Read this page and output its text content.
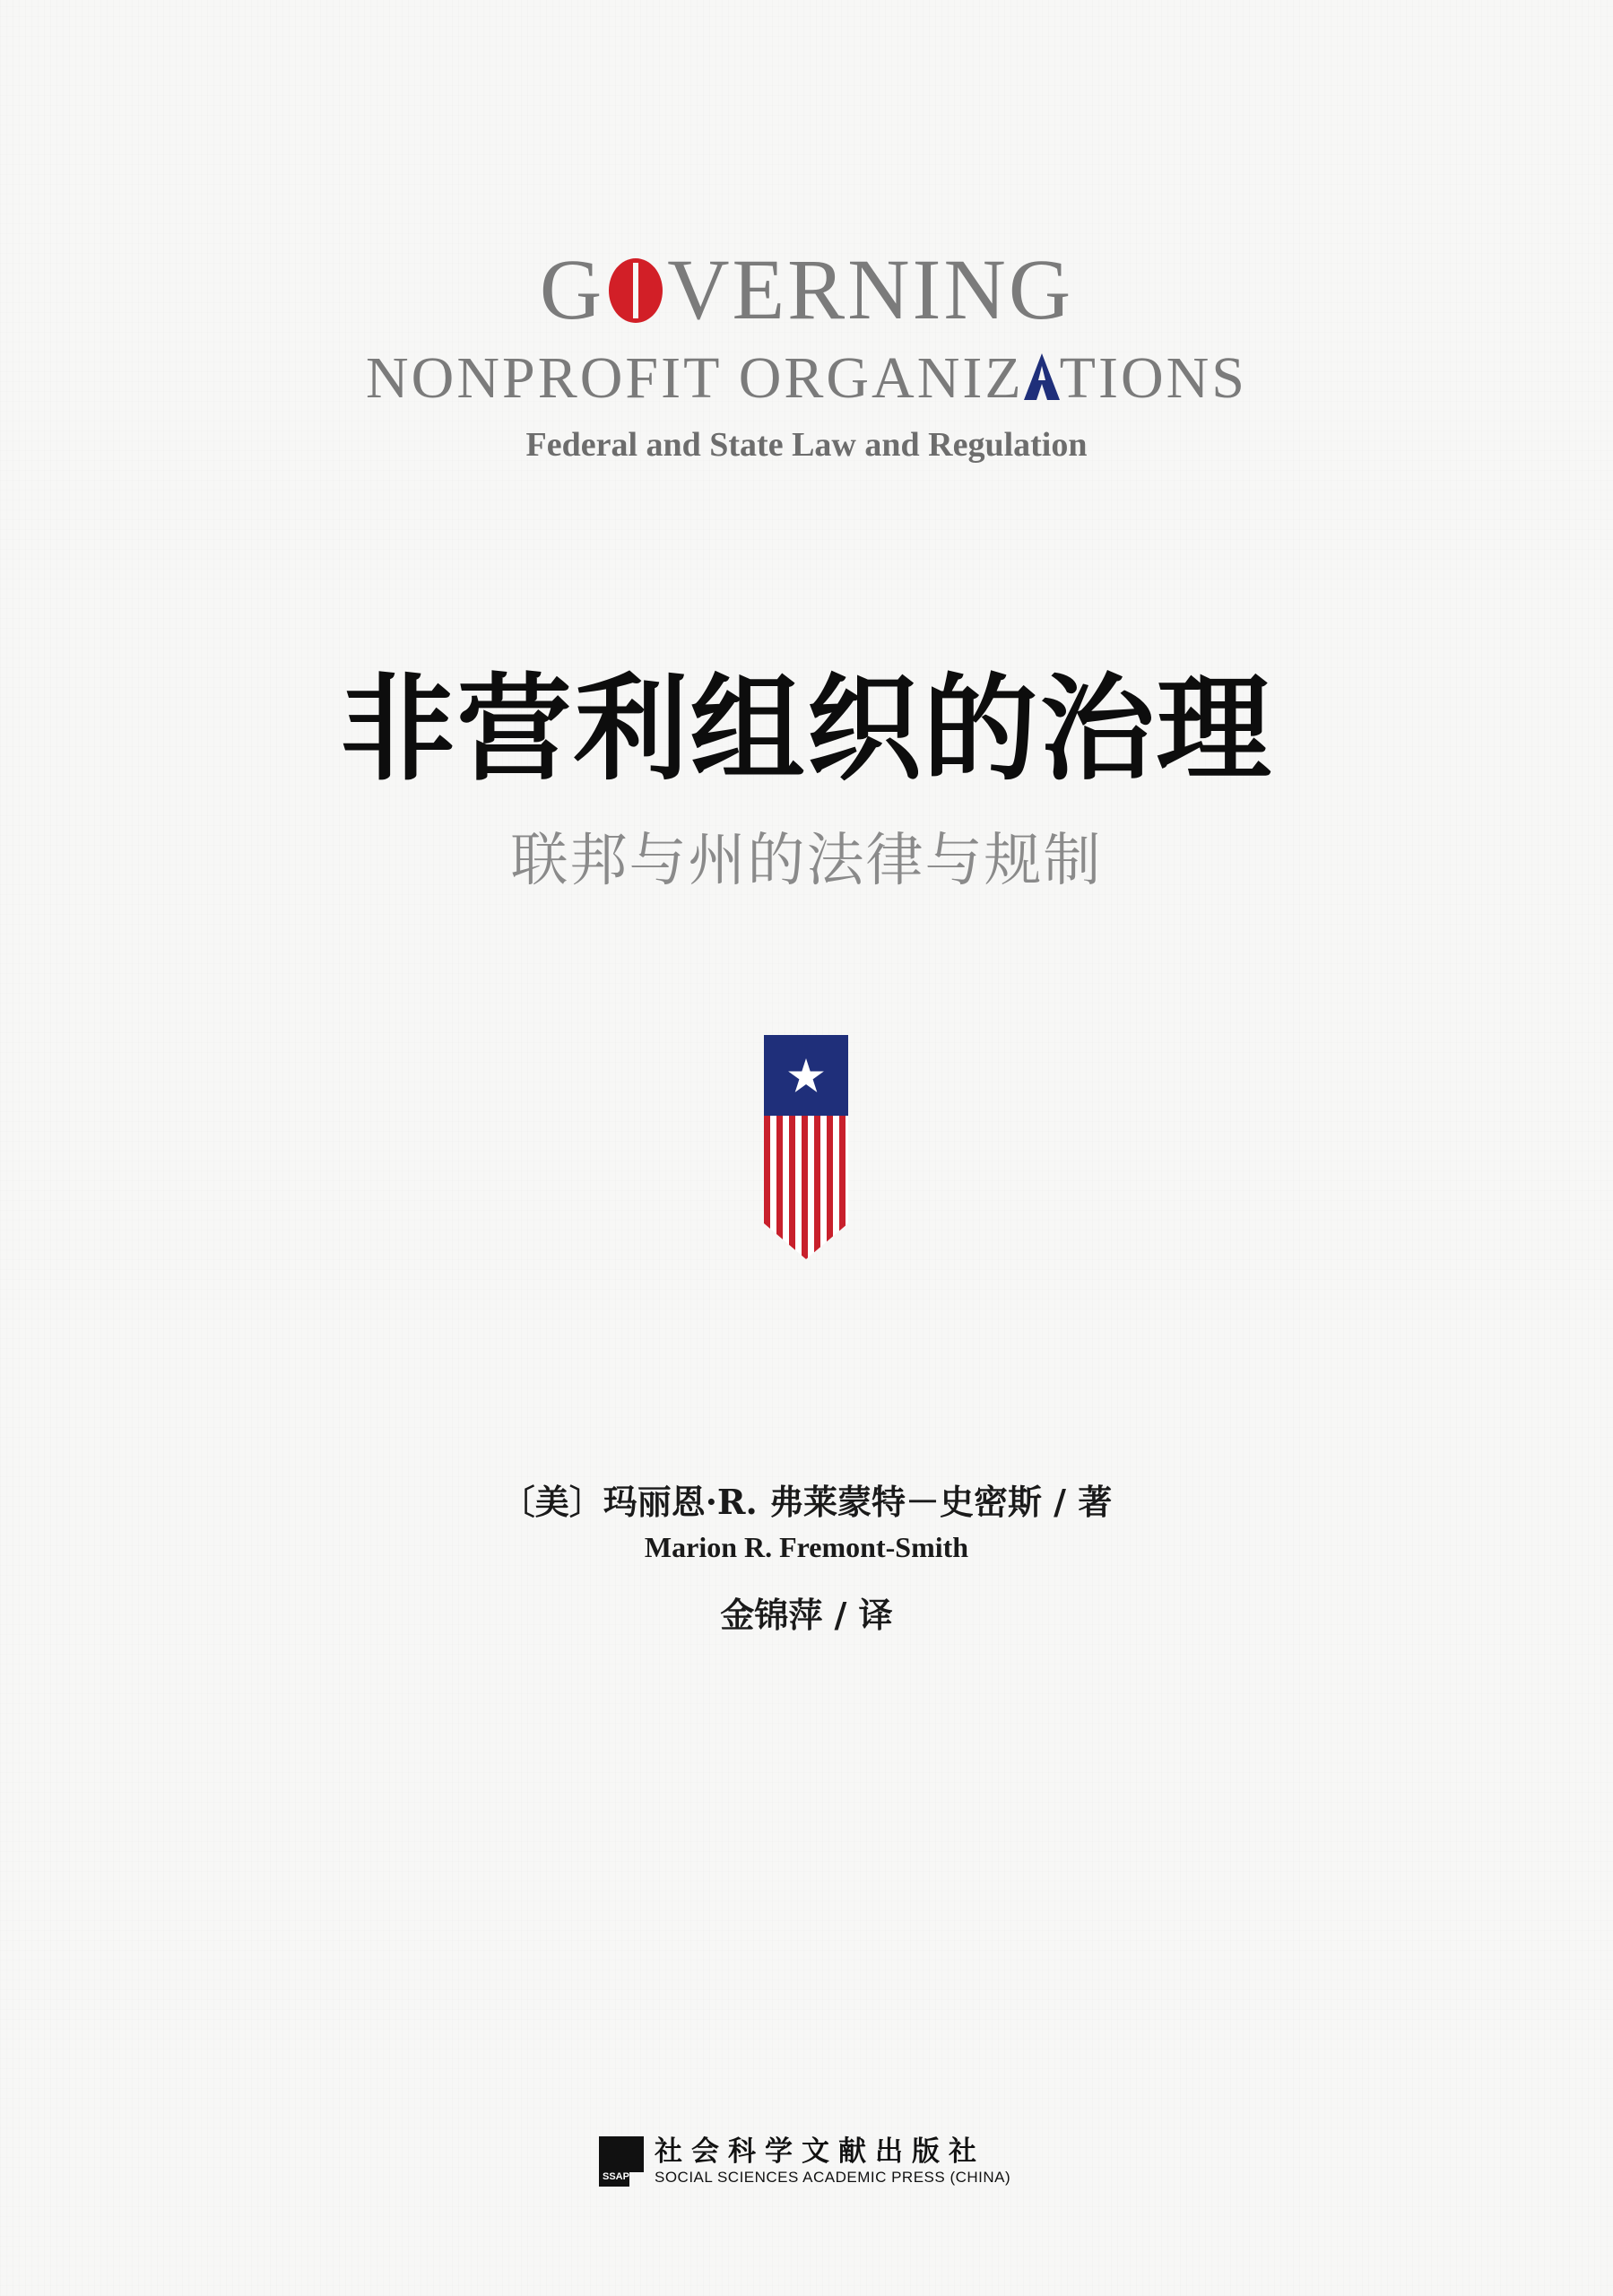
G VERNING
NONPROFIT ORGANIZ TIONS
Federal and State Law and Regulation
非营利组织的治理
联邦与州的法律与规制
〔美〕玛丽恩·R. 弗莱蒙特－史密斯 / 著
Marion R. Fremont-Smith
金锦萍 / 译
SSAP
社会科学文献出版社
SOCIAL SCIENCES ACADEMIC PRESS (CHINA)
